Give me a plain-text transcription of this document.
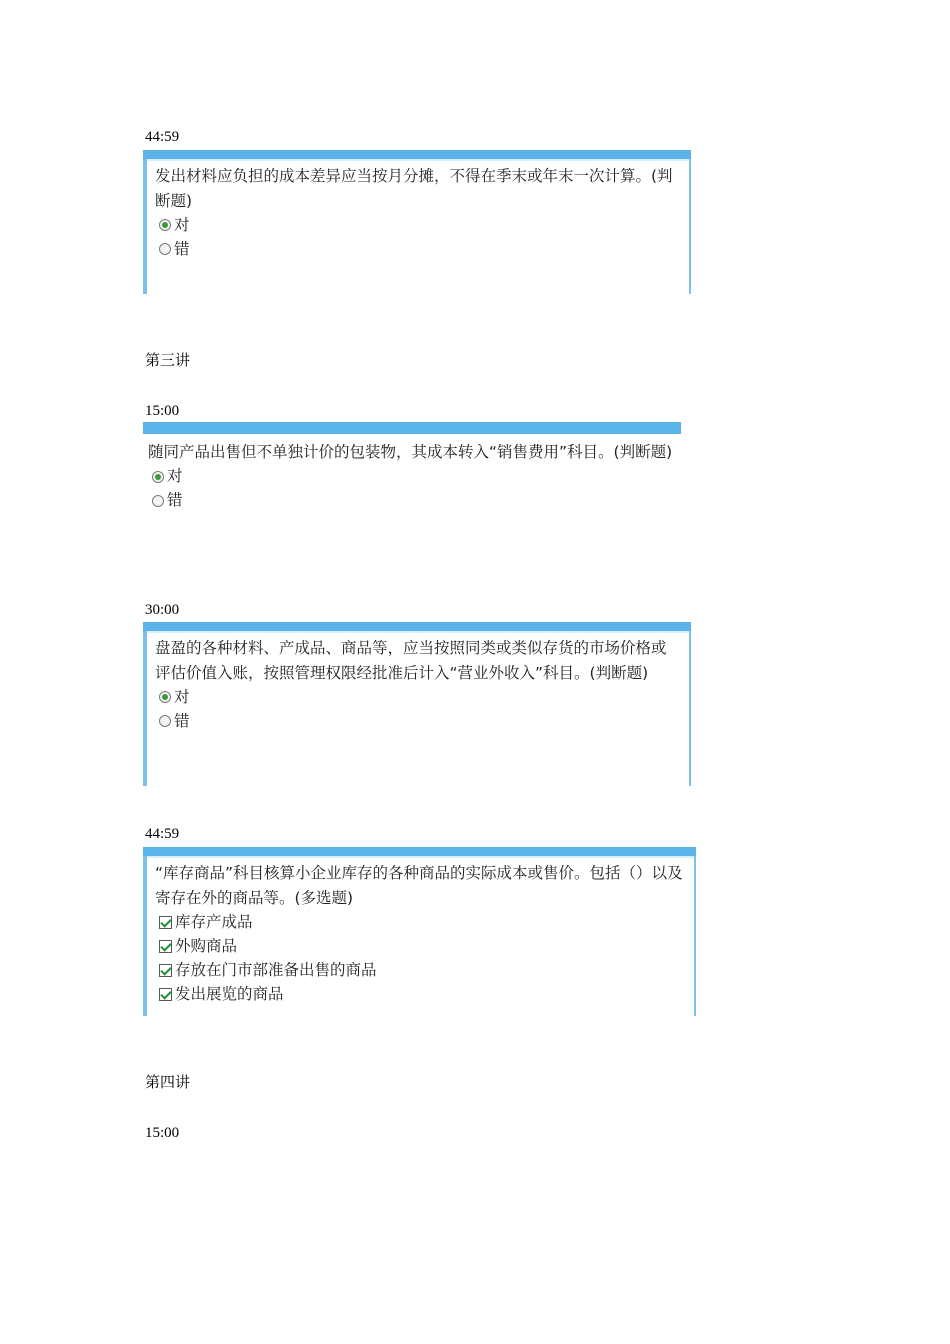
44:59
发出材料应负担的成本差异应当按月分摊，不得在季末或年末一次计算。(判断题)
对
错
第三讲
15:00
随同产品出售但不单独计价的包装物，其成本转入“销售费用”科目。(判断题)
对
错
30:00
盘盈的各种材料、产成品、商品等，应当按照同类或类似存货的市场价格或评估价值入账，按照管理权限经批准后计入“营业外收入”科目。(判断题)
对
错
44:59
“库存商品”科目核算小企业库存的各种商品的实际成本或售价。包括（）以及寄存在外的商品等。(多选题)
库存产成品
外购商品
存放在门市部准备出售的商品
发出展览的商品
第四讲
15:00
